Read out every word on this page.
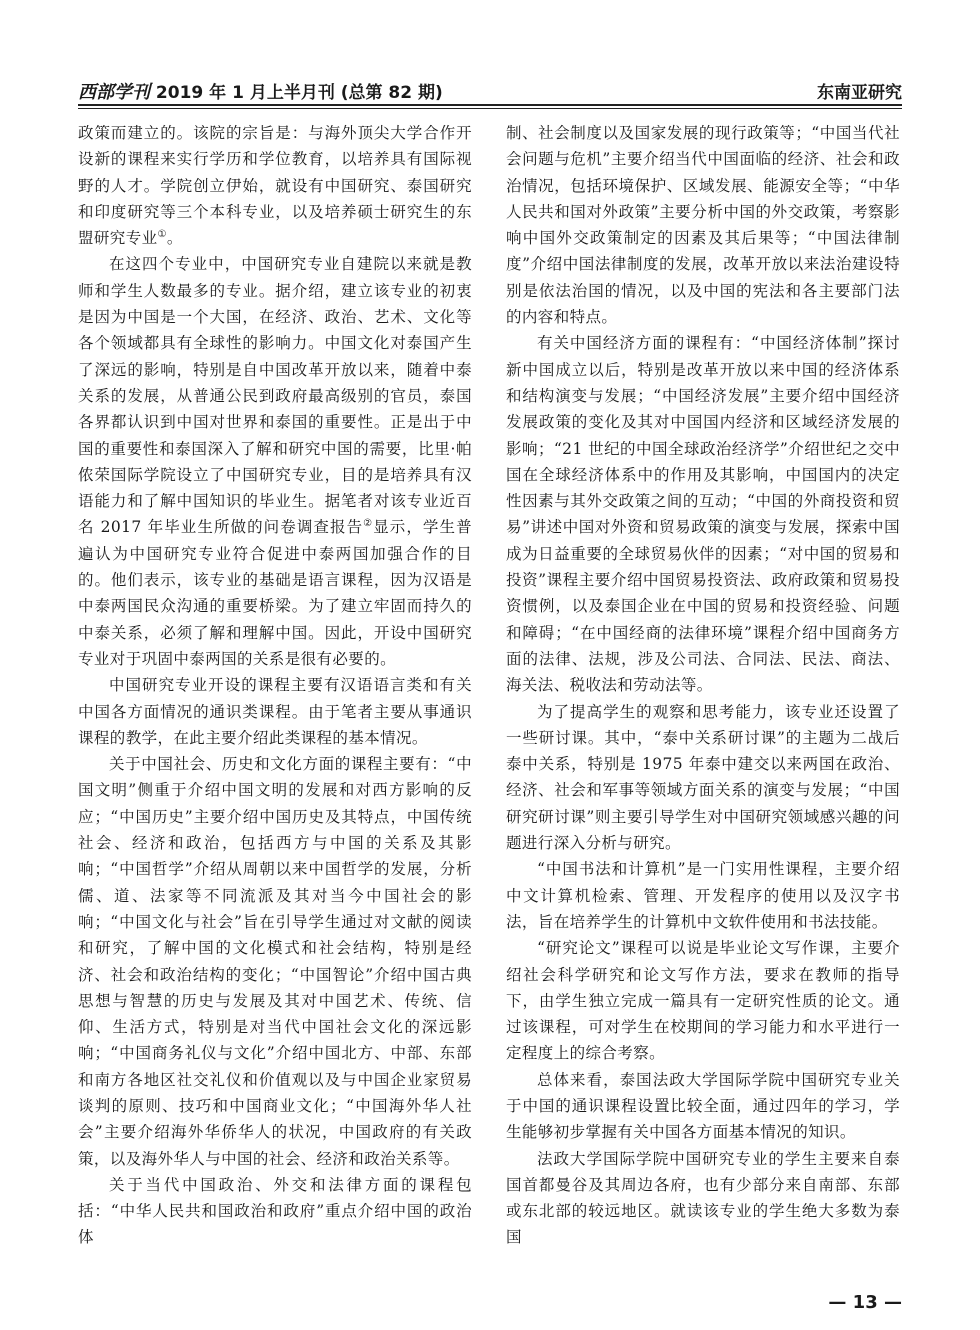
西部学刊 2019 年 1 月上半月刊 (总第 82 期)	东南亚研究

政策而建立的。该院的宗旨是：与海外顶尖大学合作开设新的课程来实行学历和学位教育，以培养具有国际视野的人才。学院创立伊始，就设有中国研究、泰国研究和印度研究等三个本科专业，以及培养硕士研究生的东盟研究专业①。

在这四个专业中，中国研究专业自建院以来就是教师和学生人数最多的专业。据介绍，建立该专业的初衷是因为中国是一个大国，在经济、政治、艺术、文化等各个领域都具有全球性的影响力。中国文化对泰国产生了深远的影响，特别是自中国改革开放以来，随着中泰关系的发展，从普通公民到政府最高级别的官员，泰国各界都认识到中国对世界和泰国的重要性。正是出于中国的重要性和泰国深入了解和研究中国的需要，比里·帕侬荣国际学院设立了中国研究专业，目的是培养具有汉语能力和了解中国知识的毕业生。据笔者对该专业近百名 2017 年毕业生所做的问卷调查报告②显示，学生普遍认为中国研究专业符合促进中泰两国加强合作的目的。他们表示，该专业的基础是语言课程，因为汉语是中泰两国民众沟通的重要桥梁。为了建立牢固而持久的中泰关系，必须了解和理解中国。因此，开设中国研究专业对于巩固中泰两国的关系是很有必要的。

中国研究专业开设的课程主要有汉语语言类和有关中国各方面情况的通识类课程。由于笔者主要从事通识课程的教学，在此主要介绍此类课程的基本情况。

关于中国社会、历史和文化方面的课程主要有：“中国文明”侧重于介绍中国文明的发展和对西方影响的反应；“中国历史”主要介绍中国历史及其特点，中国传统社会、经济和政治，包括西方与中国的关系及其影响；“中国哲学”介绍从周朝以来中国哲学的发展，分析儒、道、法家等不同流派及其对当今中国社会的影响；“中国文化与社会”旨在引导学生通过对文献的阅读和研究，了解中国的文化模式和社会结构，特别是经济、社会和政治结构的变化；“中国智论”介绍中国古典思想与智慧的历史与发展及其对中国艺术、传统、信仰、生活方式，特别是对当代中国社会文化的深远影响；“中国商务礼仪与文化”介绍中国北方、中部、东部和南方各地区社交礼仪和价值观以及与中国企业家贸易谈判的原则、技巧和中国商业文化；“中国海外华人社会”主要介绍海外华侨华人的状况，中国政府的有关政策，以及海外华人与中国的社会、经济和政治关系等。

关于当代中国政治、外交和法律方面的课程包括：“中华人民共和国政治和政府”重点介绍中国的政治体

制、社会制度以及国家发展的现行政策等；“中国当代社会问题与危机”主要介绍当代中国面临的经济、社会和政治情况，包括环境保护、区域发展、能源安全等；“中华人民共和国对外政策”主要分析中国的外交政策，考察影响中国外交政策制定的因素及其后果等；“中国法律制度”介绍中国法律制度的发展，改革开放以来法治建设特别是依法治国的情况，以及中国的宪法和各主要部门法的内容和特点。

有关中国经济方面的课程有：“中国经济体制”探讨新中国成立以后，特别是改革开放以来中国的经济体系和结构演变与发展；“中国经济发展”主要介绍中国经济发展政策的变化及其对中国国内经济和区域经济发展的影响；“21 世纪的中国全球政治经济学”介绍世纪之交中国在全球经济体系中的作用及其影响，中国国内的决定性因素与其外交政策之间的互动；“中国的外商投资和贸易”讲述中国对外资和贸易政策的演变与发展，探索中国成为日益重要的全球贸易伙伴的因素；“对中国的贸易和投资”课程主要介绍中国贸易投资法、政府政策和贸易投资惯例，以及泰国企业在中国的贸易和投资经验、问题和障碍；“在中国经商的法律环境”课程介绍中国商务方面的法律、法规，涉及公司法、合同法、民法、商法、海关法、税收法和劳动法等。

为了提高学生的观察和思考能力，该专业还设置了一些研讨课。其中，“泰中关系研讨课”的主题为二战后泰中关系，特别是 1975 年泰中建交以来两国在政治、经济、社会和军事等领域方面关系的演变与发展；“中国研究研讨课”则主要引导学生对中国研究领域感兴趣的问题进行深入分析与研究。

“中国书法和计算机”是一门实用性课程，主要介绍中文计算机检索、管理、开发程序的使用以及汉字书法，旨在培养学生的计算机中文软件使用和书法技能。

“研究论文”课程可以说是毕业论文写作课，主要介绍社会科学研究和论文写作方法，要求在教师的指导下，由学生独立完成一篇具有一定研究性质的论文。通过该课程，可对学生在校期间的学习能力和水平进行一定程度上的综合考察。

总体来看，泰国法政大学国际学院中国研究专业关于中国的通识课程设置比较全面，通过四年的学习，学生能够初步掌握有关中国各方面基本情况的知识。

法政大学国际学院中国研究专业的学生主要来自泰国首都曼谷及其周边各府，也有少部分来自南部、东部或东北部的较远地区。就读该专业的学生绝大多数为泰国

— 13 —
